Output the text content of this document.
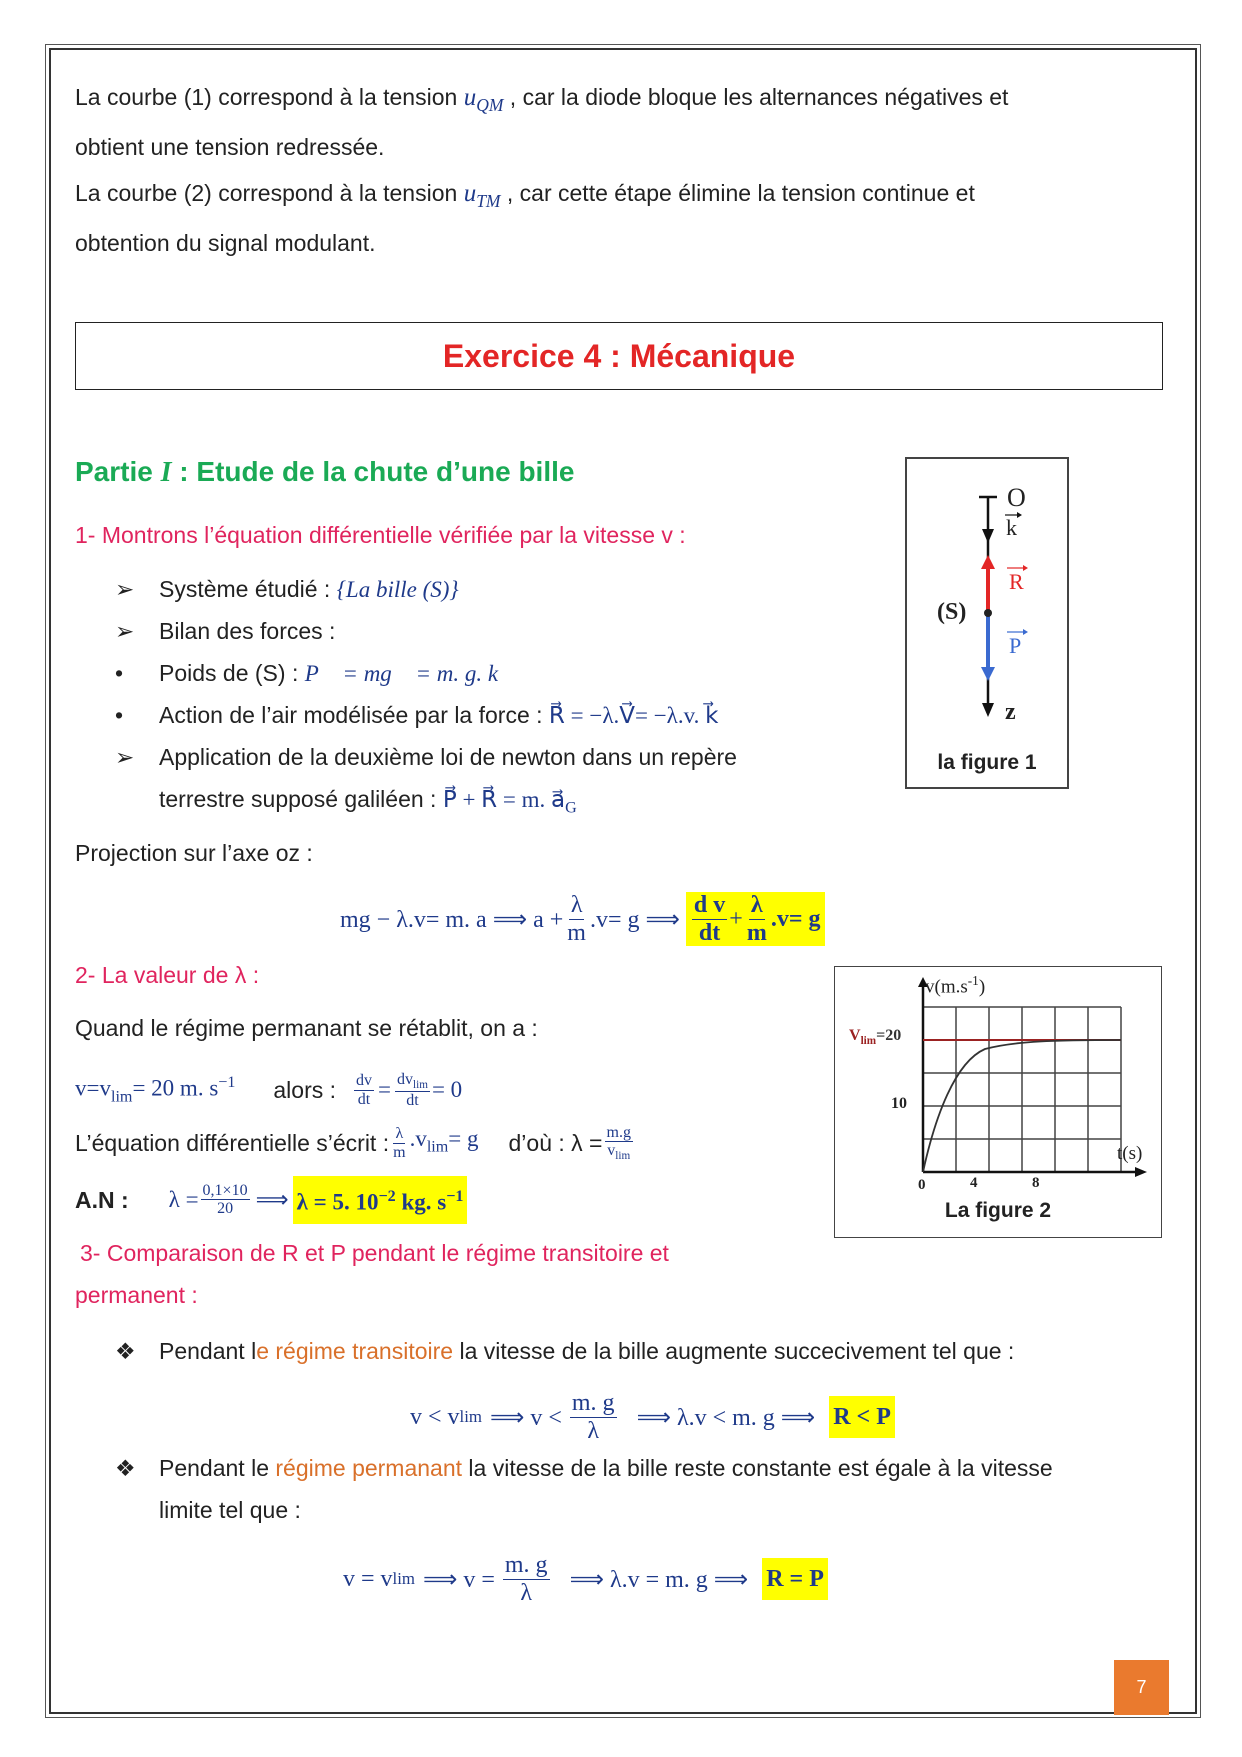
La courbe (1) correspond à la tension $u_{QM}$ , car la diode bloque les alternances négatives et
obtient une tension redressée.
La courbe (2) correspond à la tension $u_{TM}$ , car cette étape élimine la tension continue et
obtention du signal modulant.
Exercice 4 : Mécanique
Partie I : Etude de la chute d’une bille
1- Montrons l’équation différentielle vérifiée par la vitesse v :
➢ Système étudié : {La bille (S)}
➢ Bilan des forces :
• Poids de (S) : P⃗ = mg⃗ = m. g. k⃗
• Action de l’air modélisée par la force : R⃗ = −λ.V⃗= −λ.v. k⃗
➢ Application de la deuxième loi de newton dans un repère
terrestre supposé galiléen : P⃗ + R⃗ = m. $a⃗_G$
Projection sur l’axe oz :
mg − λ.v= m. a ⟹ $a + \frac{\lambda}{m} .v= g$ ⟹ $\frac{\text{d v}}{dt} + \frac{\lambda}{m} .v= g$
2- La valeur de λ :
Quand le régime permanant se rétablit, on a :
$v=v_{lim}= 20$ m. $s^{-1}$ alors : $\frac{dv}{dt} = \frac{dv_{lim}}{dt} = 0$
L’équation différentielle s’écrit : $\frac{\lambda}{m} .v_{lim}= g$ d’où : $\lambda = \frac{m.g}{v_{lim}}$
A.N : $\lambda = \frac{0,1\times 10}{20}$ ⟹ λ = 5. $10^{-2}$ kg. $s^{-1}$
3- Comparaison de R et P pendant le régime transitoire et
permanent :
❖ Pendant le régime transitoire la vitesse de la bille augmente succecivement tel que :
v < v lim ⟹ $v < \frac{m. g}{\lambda}$ ⟹ λ.v < m. g ⟹ R < P
❖ Pendant le régime permanant la vitesse de la bille reste constante est égale à la vitesse
limite tel que :
v = v lim ⟹ $v = \frac{m. g}{\lambda}$ ⟹ λ.v = m. g ⟹ R = P
O
k
R
(S)
P
z
la figure 1
$v(m.s^{-1})$
$V_{lim}=20$
10
t(s)
0	4	8
La figure 2
7
